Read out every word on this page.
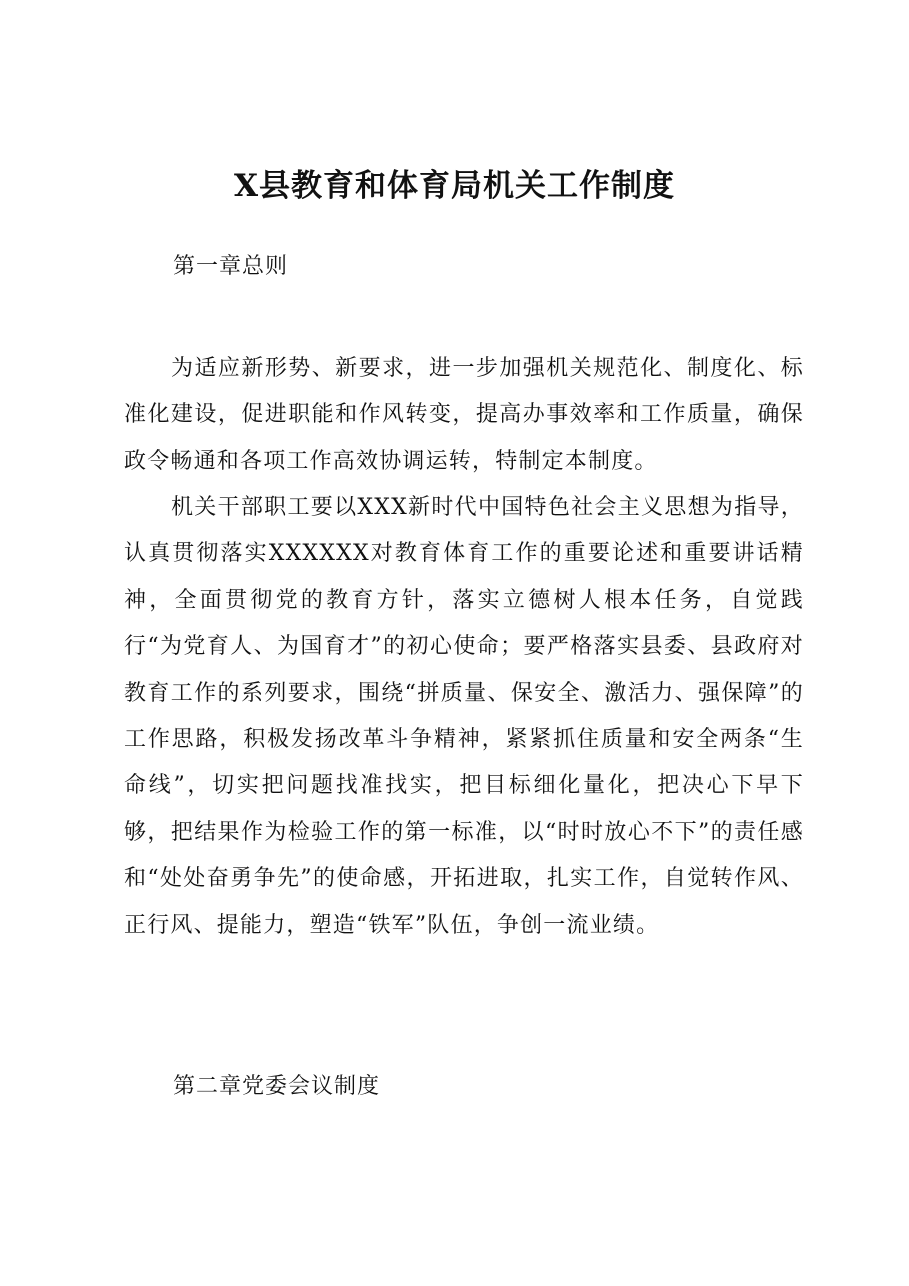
X县教育和体育局机关工作制度
第一章总则
为适应新形势、新要求，进一步加强机关规范化、制度化、标准化建设，促进职能和作风转变，提高办事效率和工作质量，确保政令畅通和各项工作高效协调运转，特制定本制度。
机关干部职工要以XXX新时代中国特色社会主义思想为指导，认真贯彻落实XXXXXX对教育体育工作的重要论述和重要讲话精神，全面贯彻党的教育方针，落实立德树人根本任务，自觉践行“为党育人、为国育才”的初心使命；要严格落实县委、县政府对教育工作的系列要求，围绕“拼质量、保安全、激活力、强保障”的工作思路，积极发扬改革斗争精神，紧紧抓住质量和安全两条“生命线”，切实把问题找准找实，把目标细化量化，把决心下早下够，把结果作为检验工作的第一标准，以“时时放心不下”的责任感和“处处奋勇争先”的使命感，开拓进取，扎实工作，自觉转作风、正行风、提能力，塑造“铁军”队伍，争创一流业绩。
第二章党委会议制度
